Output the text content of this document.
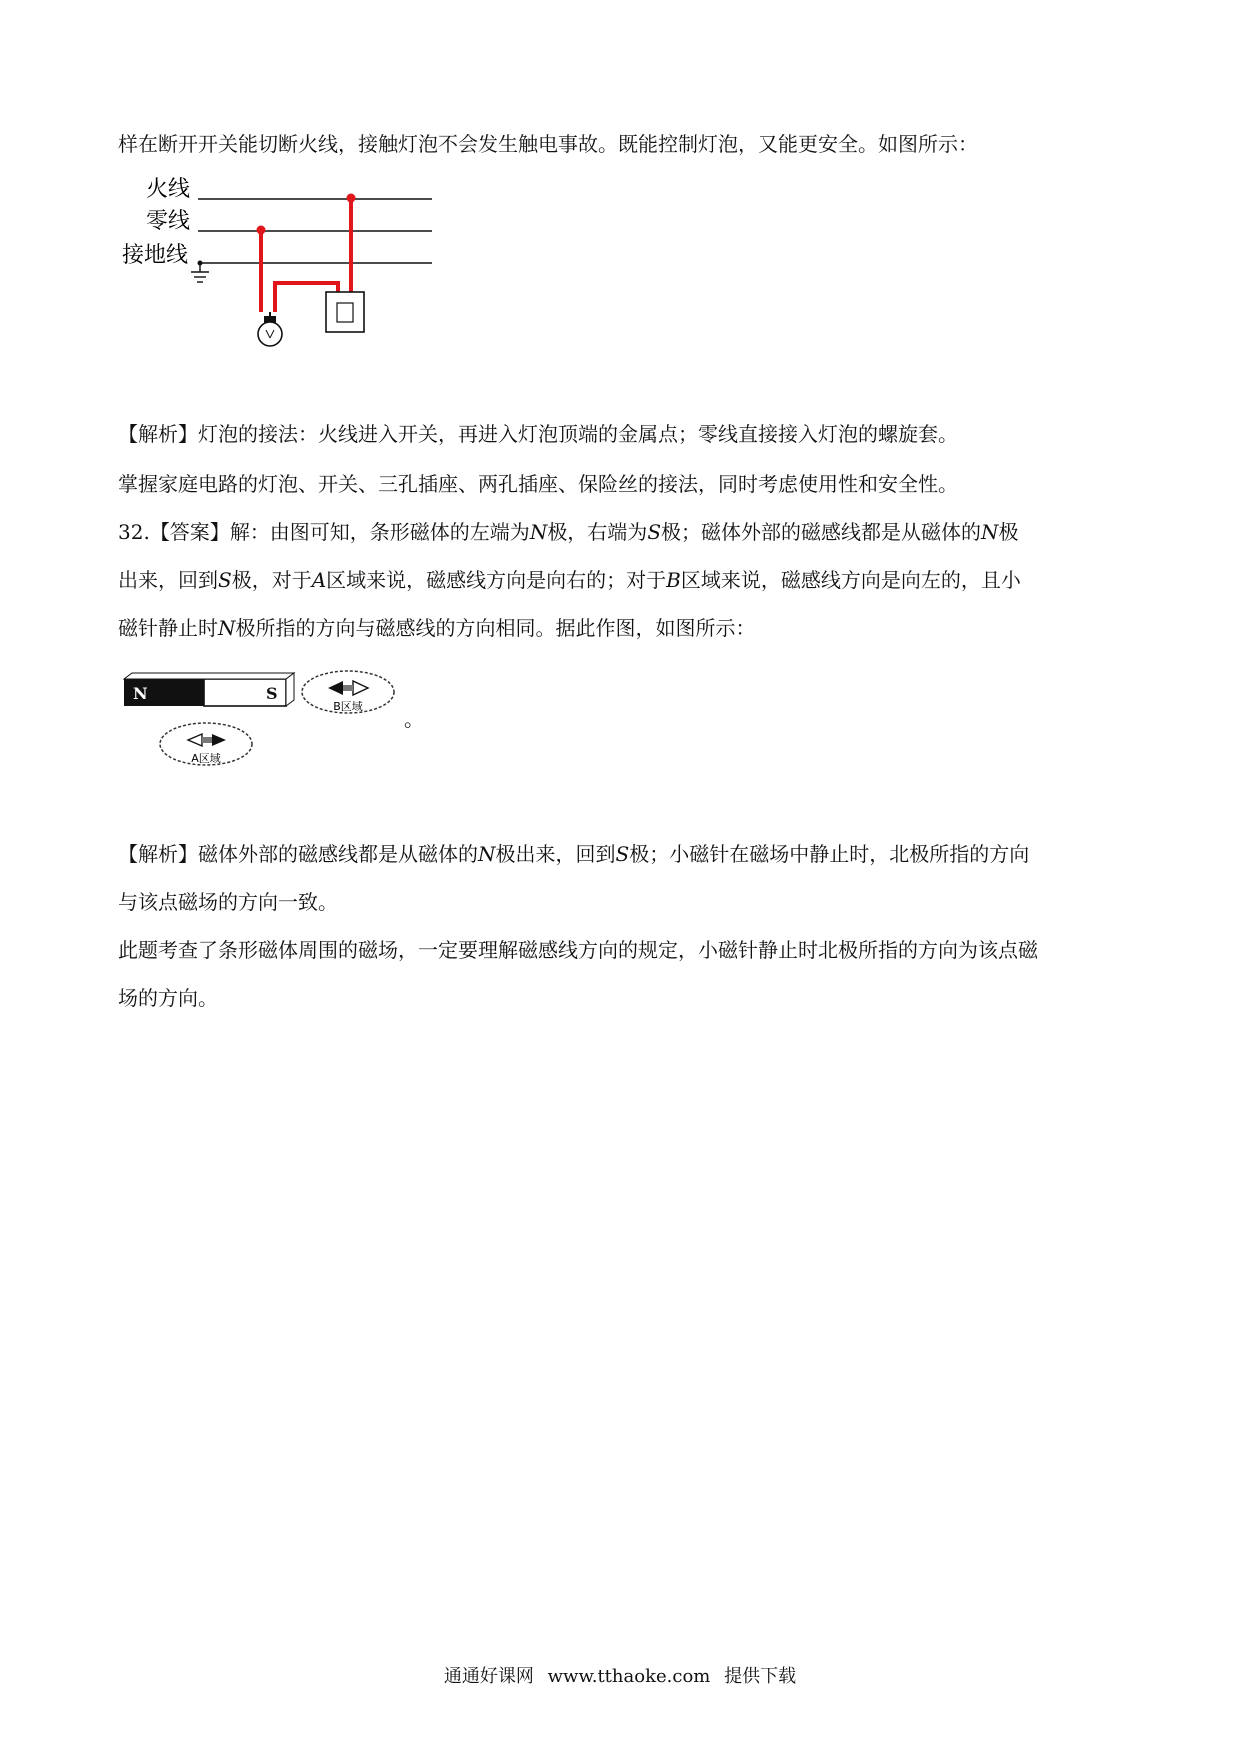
样在断开开关能切断火线，接触灯泡不会发生触电事故。既能控制灯泡，又能更安全。如图所示：
火线
零线
接地线
【解析】灯泡的接法：火线进入开关，再进入灯泡顶端的金属点；零线直接接入灯泡的螺旋套。
掌握家庭电路的灯泡、开关、三孔插座、两孔插座、保险丝的接法，同时考虑使用性和安全性。
32.【答案】解：由图可知，条形磁体的左端为N极，右端为S极；磁体外部的磁感线都是从磁体的N极
出来，回到S极，对于A区域来说，磁感线方向是向右的；对于B区域来说，磁感线方向是向左的，且小
磁针静止时N极所指的方向与磁感线的方向相同。据此作图，如图所示：
N	S
B区域
。
A区域
【解析】磁体外部的磁感线都是从磁体的N极出来，回到S极；小磁针在磁场中静止时，北极所指的方向
与该点磁场的方向一致。
此题考查了条形磁体周围的磁场，一定要理解磁感线方向的规定，小磁针静止时北极所指的方向为该点磁
场的方向。
通通好课网 www.tthaoke.com 提供下载
